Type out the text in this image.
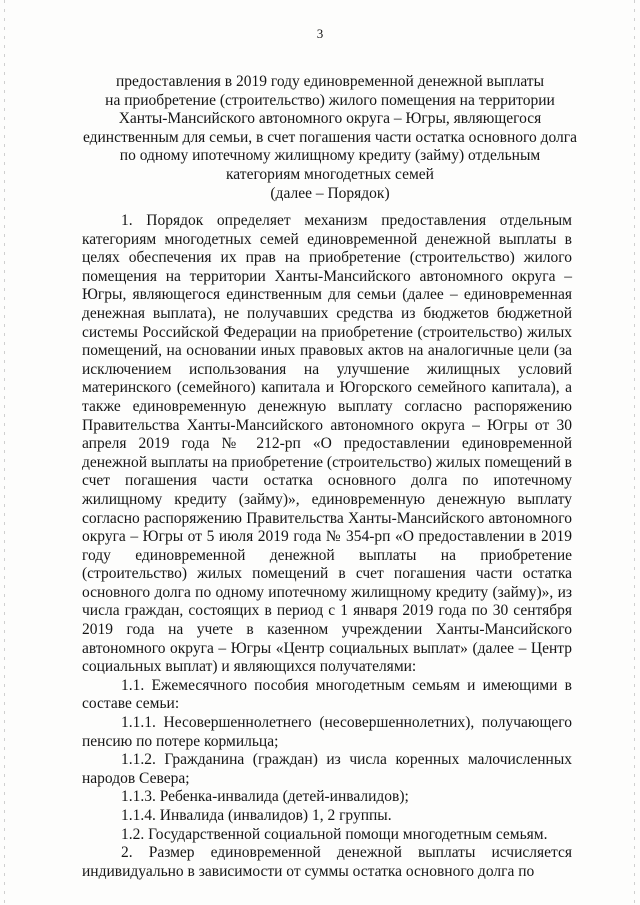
3
предоставления в 2019 году единовременной денежной выплаты
на приобретение (строительство) жилого помещения на территории
Ханты-Мансийского автономного округа – Югры, являющегося
единственным для семьи, в счет погашения части остатка основного долга
по одному ипотечному жилищному кредиту (займу) отдельным
категориям многодетных семей
(далее – Порядок)

1. Порядок определяет механизм предоставления отдельным категориям многодетных семей единовременной денежной выплаты в целях обеспечения их прав на приобретение (строительство) жилого помещения на территории Ханты-Мансийского автономного округа – Югры, являющегося единственным для семьи (далее – единовременная денежная выплата), не получавших средства из бюджетов бюджетной системы Российской Федерации на приобретение (строительство) жилых помещений, на основании иных правовых актов на аналогичные цели (за исключением использования на улучшение жилищных условий материнского (семейного) капитала и Югорского семейного капитала), а также единовременную денежную выплату согласно распоряжению Правительства Ханты-Мансийского автономного округа – Югры от 30 апреля 2019 года № 212-рп «О предоставлении единовременной денежной выплаты на приобретение (строительство) жилых помещений в счет погашения части остатка основного долга по ипотечному жилищному кредиту (займу)», единовременную денежную выплату согласно распоряжению Правительства Ханты-Мансийского автономного округа – Югры от 5 июля 2019 года № 354-рп «О предоставлении в 2019 году единовременной денежной выплаты на приобретение (строительство) жилых помещений в счет погашения части остатка основного долга по одному ипотечному жилищному кредиту (займу)», из числа граждан, состоящих в период с 1 января 2019 года по 30 сентября 2019 года на учете в казенном учреждении Ханты-Мансийского автономного округа – Югры «Центр социальных выплат» (далее – Центр социальных выплат) и являющихся получателями:

1.1. Ежемесячного пособия многодетным семьям и имеющими в составе семьи:

1.1.1. Несовершеннолетнего (несовершеннолетних), получающего пенсию по потере кормильца;

1.1.2. Гражданина (граждан) из числа коренных малочисленных народов Севера;

1.1.3. Ребенка-инвалида (детей-инвалидов);

1.1.4. Инвалида (инвалидов) 1, 2 группы.

1.2. Государственной социальной помощи многодетным семьям.

2. Размер единовременной денежной выплаты исчисляется индивидуально в зависимости от суммы остатка основного долга по
